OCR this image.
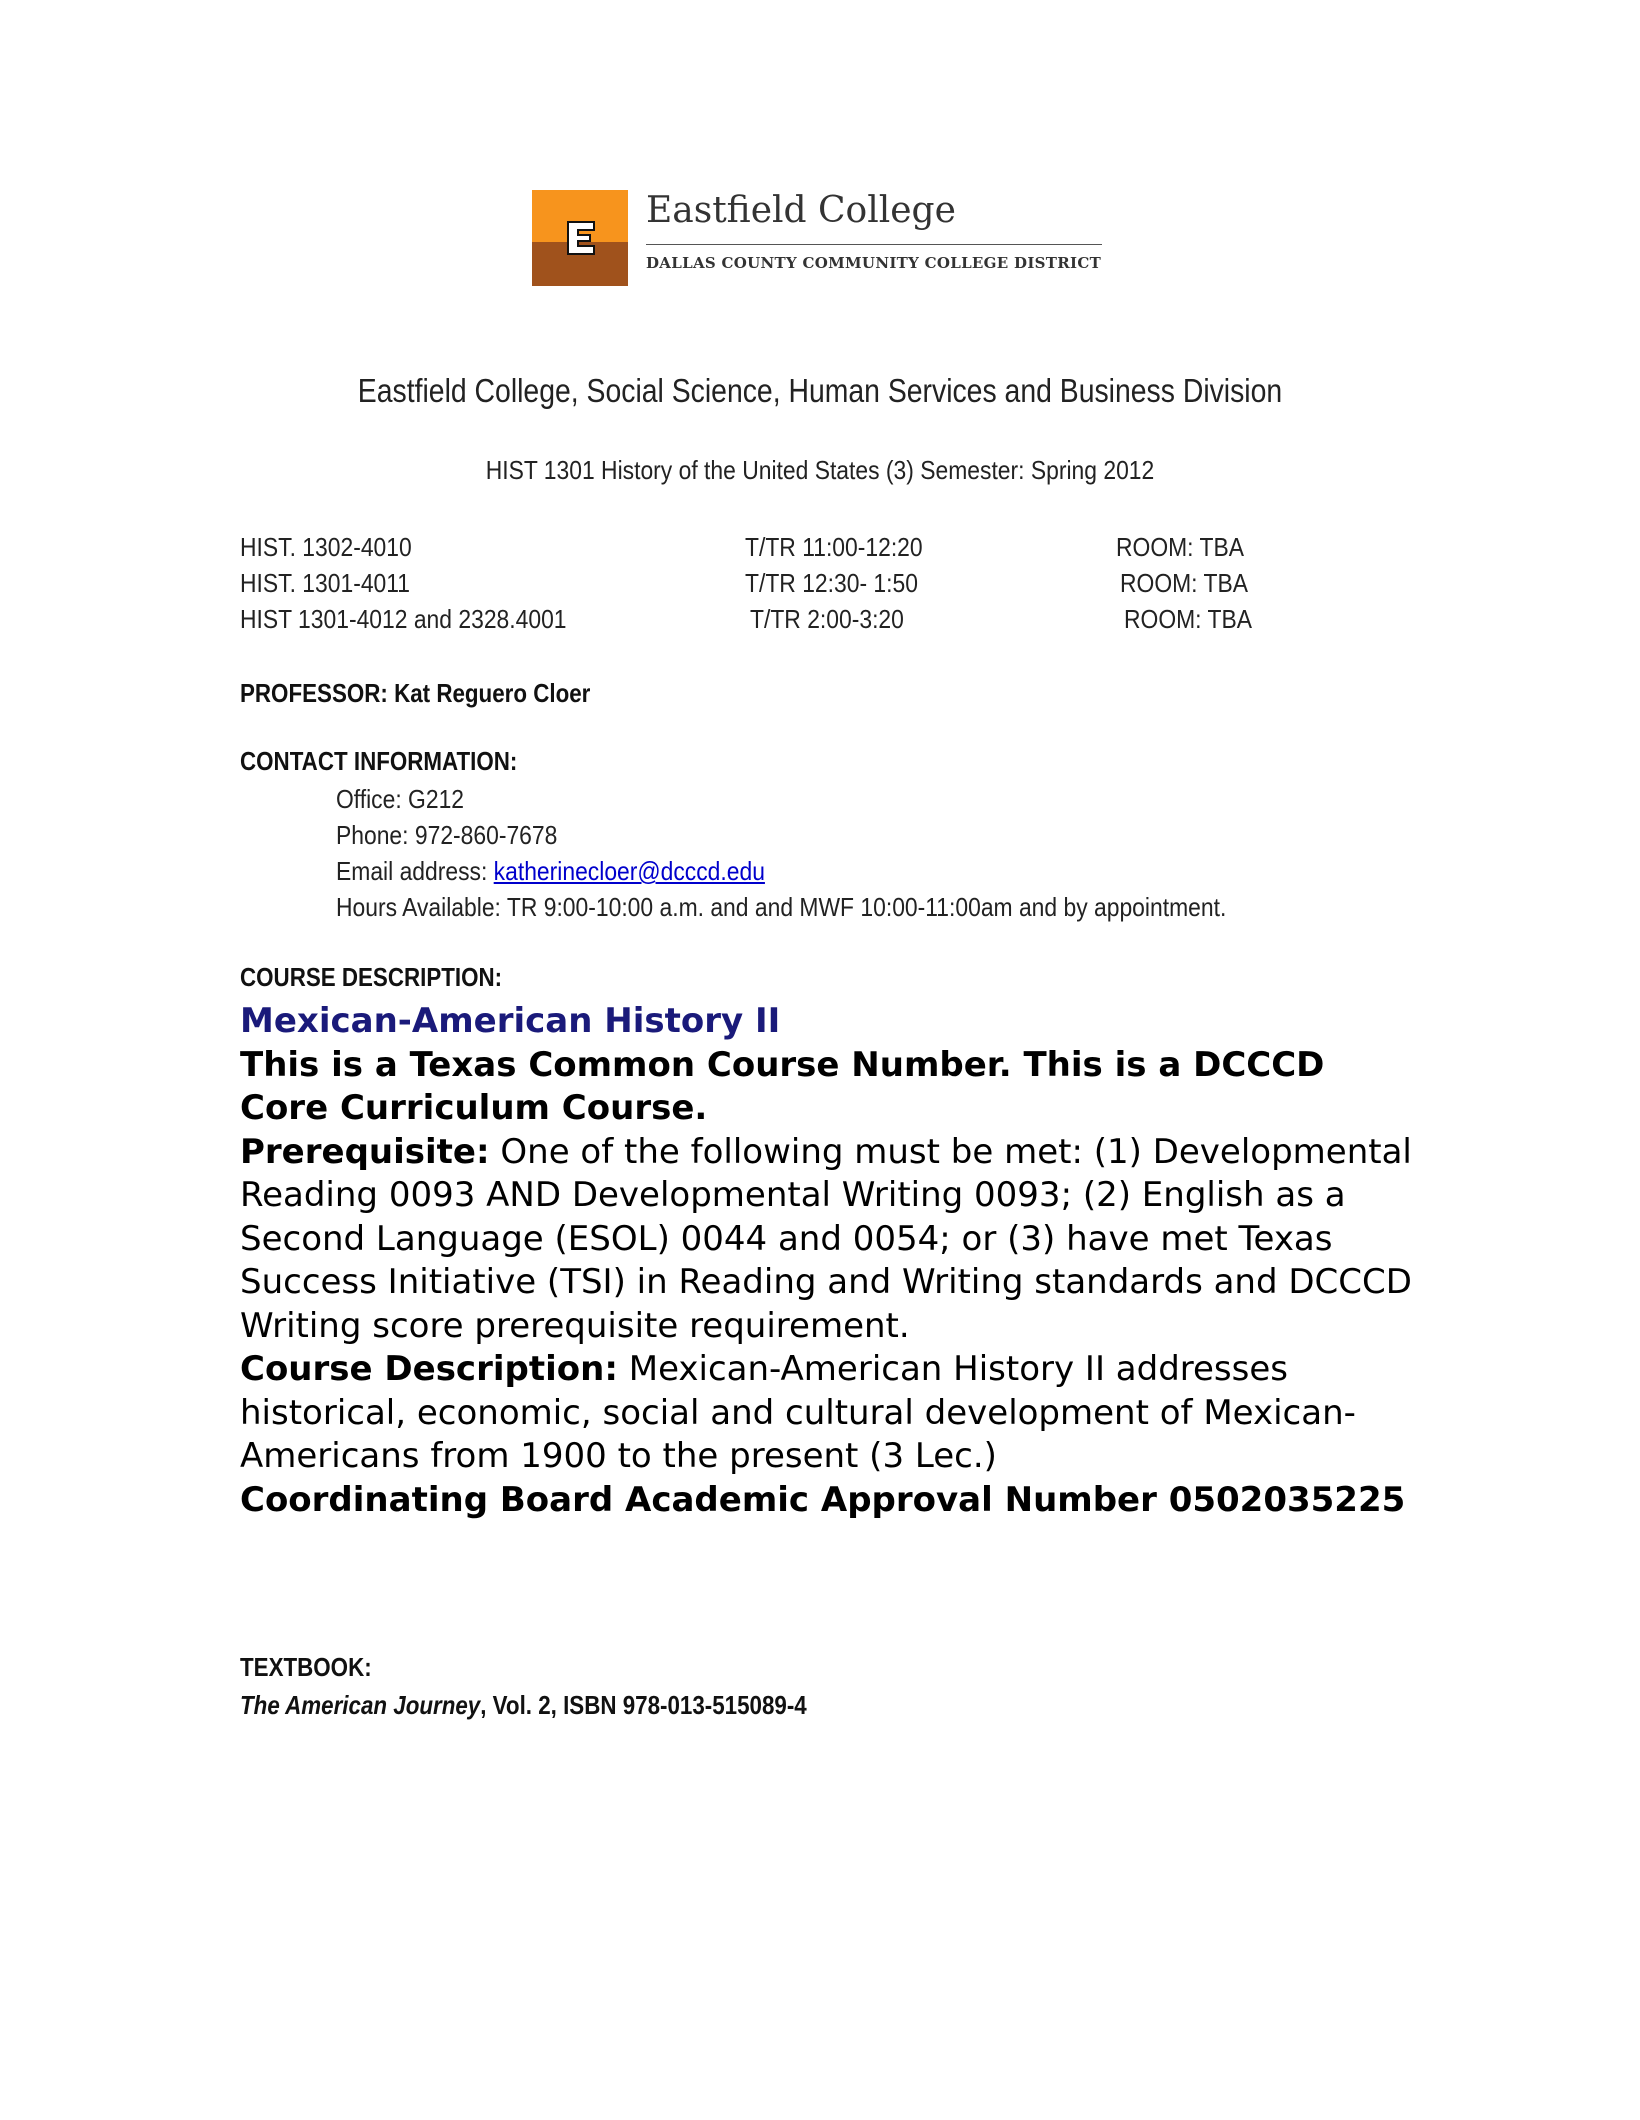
Eastfield College
DALLAS COUNTY COMMUNITY COLLEGE DISTRICT
Eastfield College, Social Science, Human Services and Business Division
HIST 1301 History of the United States (3) Semester: Spring 2012
HIST. 1302-4010	T/TR 11:00-12:20	ROOM: TBA
HIST. 1301-4011	T/TR 12:30- 1:50	ROOM: TBA
HIST 1301-4012 and 2328.4001	T/TR 2:00-3:20	ROOM: TBA
PROFESSOR: Kat Reguero Cloer
CONTACT INFORMATION:
Office: G212
Phone: 972-860-7678
Email address: katherinecloer@dcccd.edu
Hours Available: TR 9:00-10:00 a.m. and and MWF 10:00-11:00am and by appointment.
COURSE DESCRIPTION:
Mexican-American History II
This is a Texas Common Course Number. This is a DCCCD Core Curriculum Course.
Prerequisite: One of the following must be met: (1) Developmental Reading 0093 AND Developmental Writing 0093; (2) English as a Second Language (ESOL) 0044 and 0054; or (3) have met Texas Success Initiative (TSI) in Reading and Writing standards and DCCCD Writing score prerequisite requirement.
Course Description: Mexican-American History II addresses historical, economic, social and cultural development of Mexican-Americans from 1900 to the present (3 Lec.)
Coordinating Board Academic Approval Number 0502035225
TEXTBOOK:
The American Journey, Vol. 2, ISBN 978-013-515089-4
